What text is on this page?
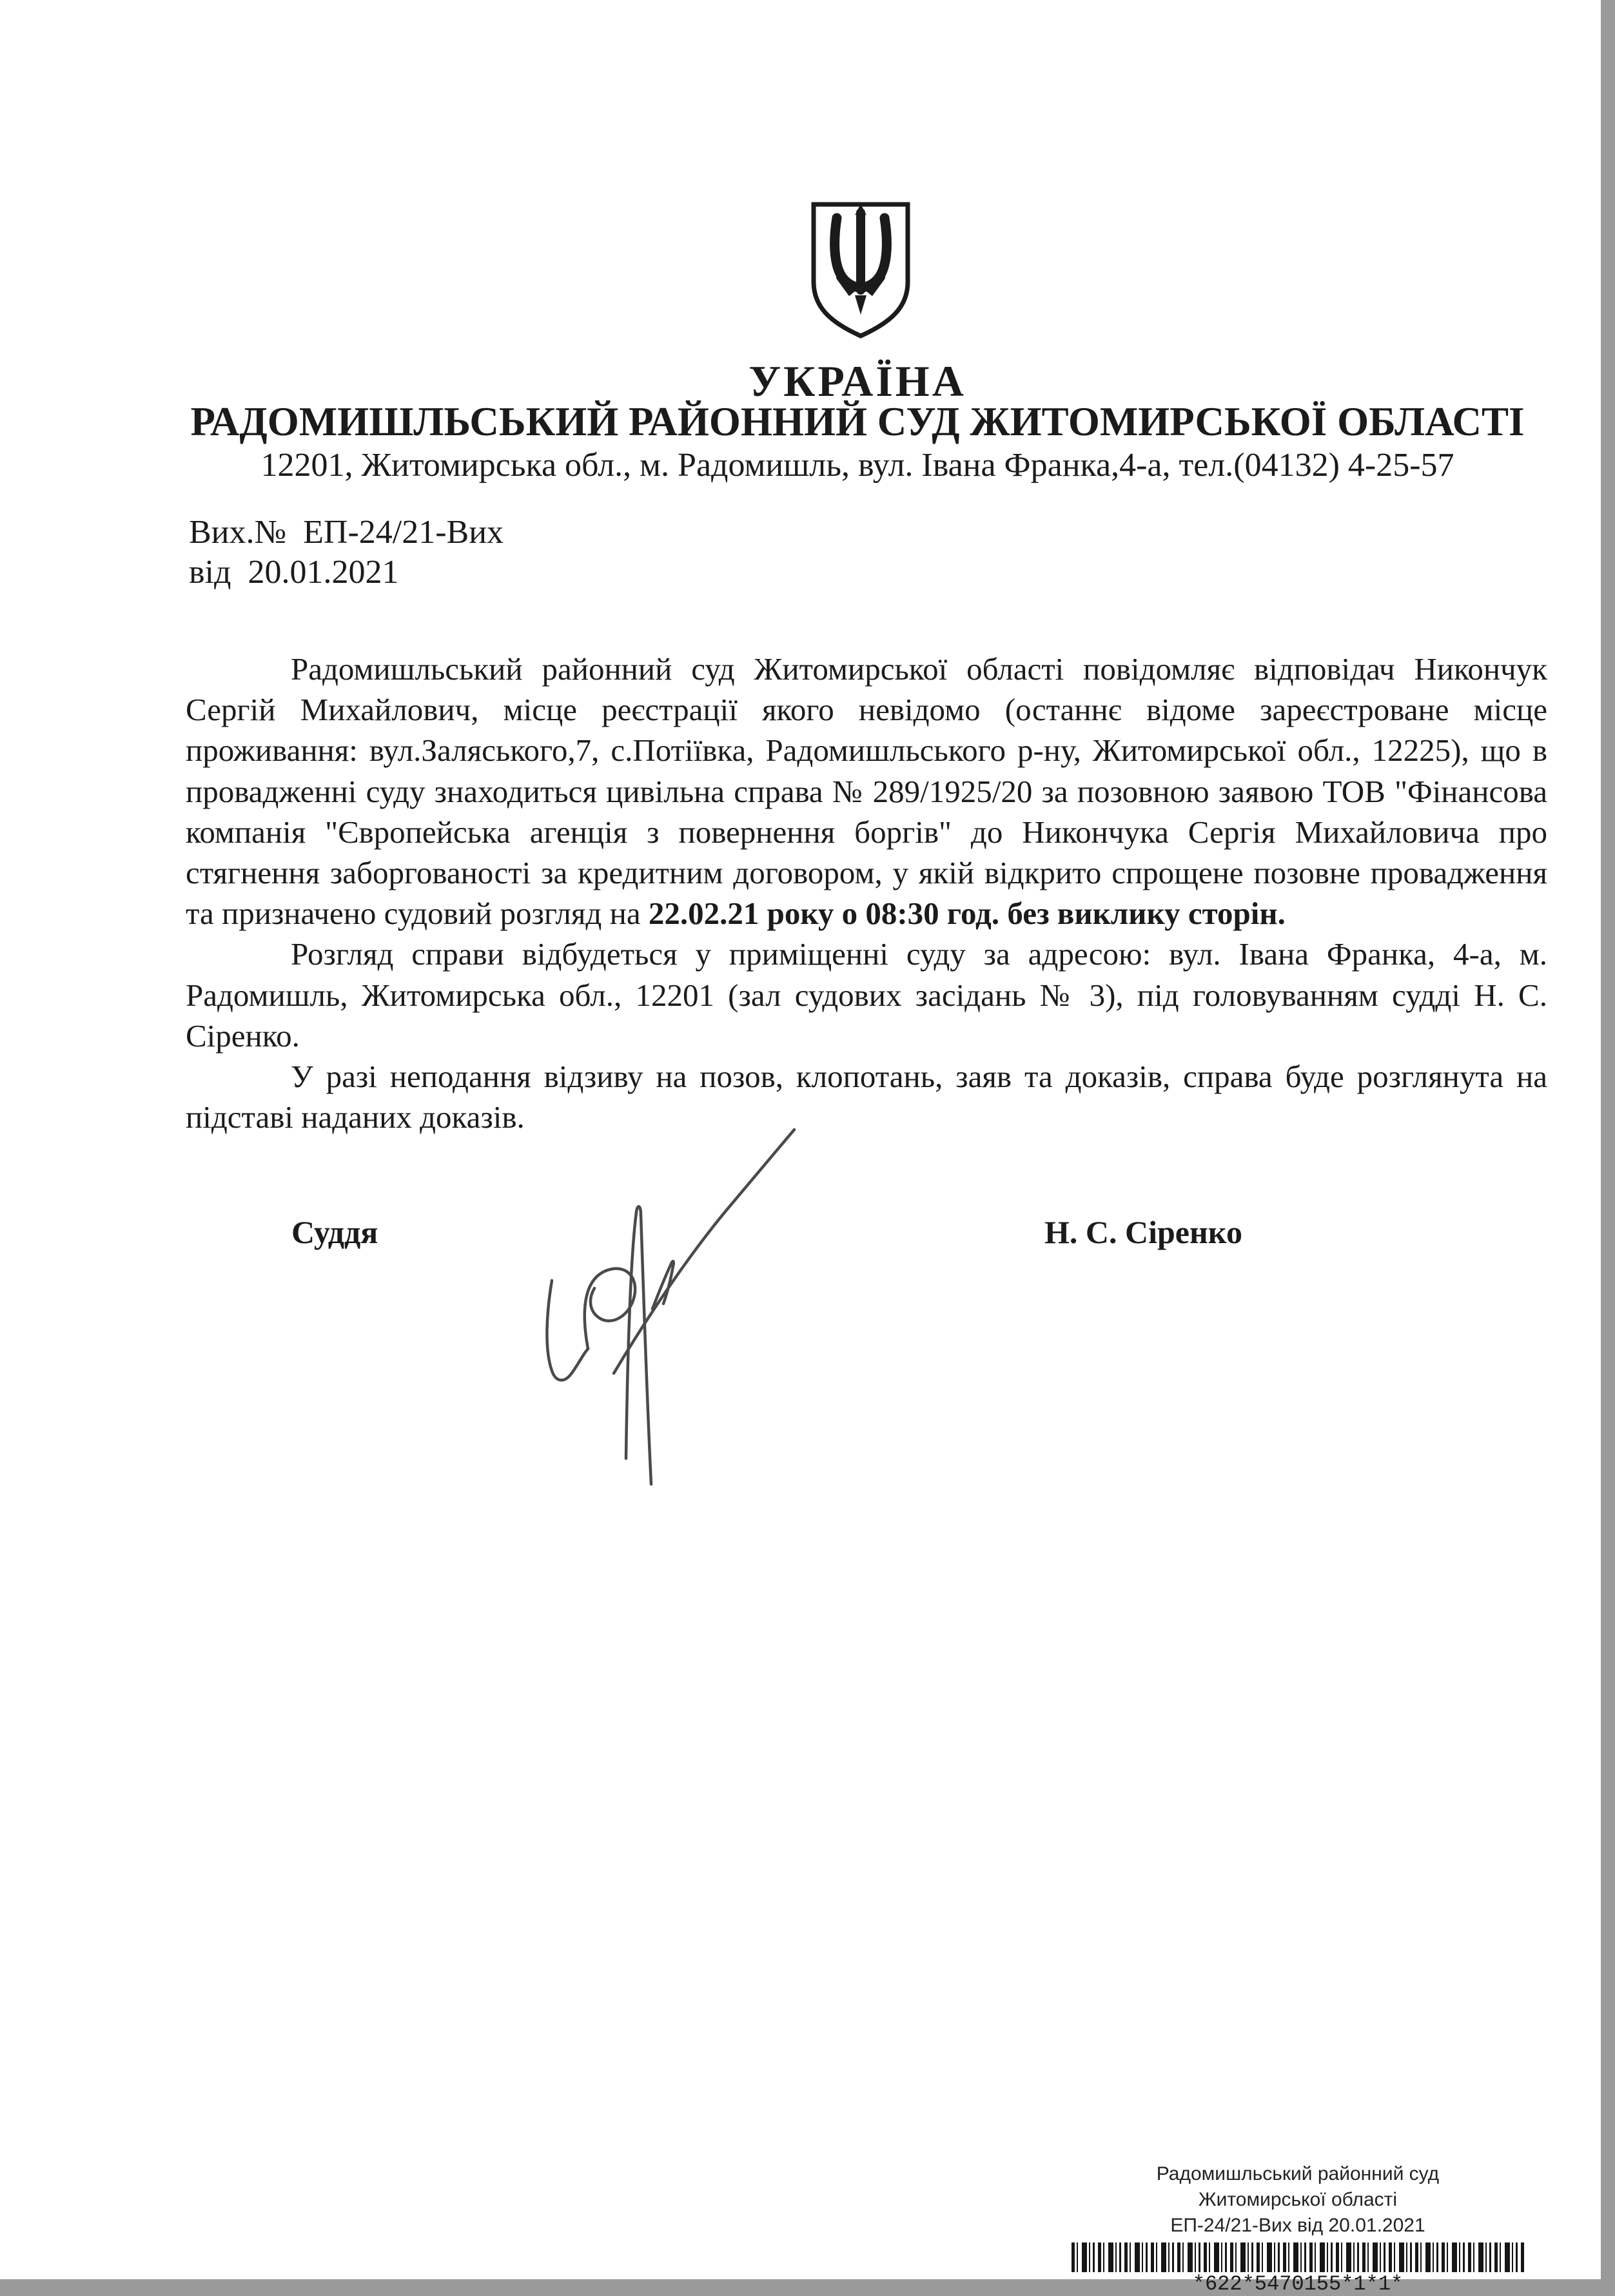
УКРАЇНА
РАДОМИШЛЬСЬКИЙ РАЙОННИЙ СУД ЖИТОМИРСЬКОЇ ОБЛАСТІ
12201, Житомирська обл., м. Радомишль, вул. Івана Франка,4-а, тел.(04132) 4-25-57
Вих.№  ЕП-24/21-Вих
від  20.01.2021

Радомишльський районний суд Житомирської області повідомляє відповідач Никончук Сергій Михайлович, місце реєстрації якого невідомо (останнє відоме зареєстроване місце проживання: вул.Заляського,7, с.Потіївка, Радомишльського р-ну, Житомирської обл., 12225), що в провадженні суду знаходиться цивільна справа № 289/1925/20 за позовною заявою ТОВ "Фінансова компанія "Європейська агенція з повернення боргів" до Никончука Сергія Михайловича про стягнення заборгованості за кредитним договором, у якій відкрито спрощене позовне провадження та призначено судовий розгляд на 22.02.21 року о 08:30 год. без виклику сторін.

Розгляд справи відбудеться у приміщенні суду за адресою: вул. Івана Франка, 4-а, м. Радомишль, Житомирська обл., 12201 (зал судових засідань № 3), під головуванням судді Н. С. Сіренко.

У разі неподання відзиву на позов, клопотань, заяв та доказів, справа буде розглянута на підставі наданих доказів.

Суддя	Н. С. Сіренко
Радомишльський районний суд
Житомирської області
ЕП-24/21-Вих від 20.01.2021
*622*5470155*1*1*
